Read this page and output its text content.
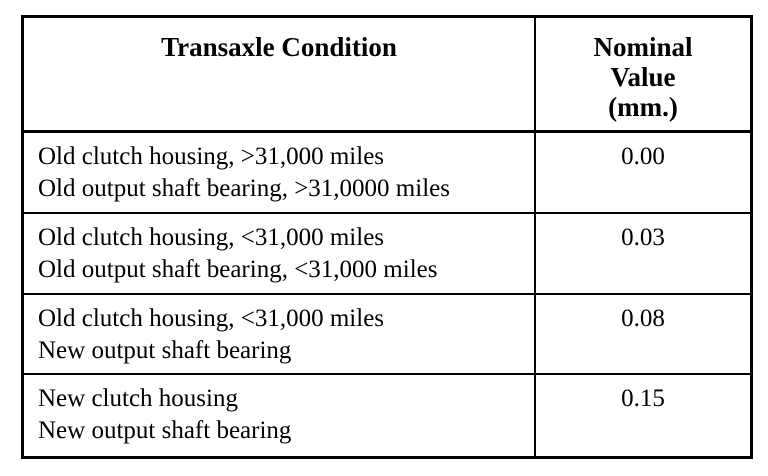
Transaxle Condition	Nominal
Value
(mm.)
Old clutch housing, >31,000 miles
Old output shaft bearing, >31,0000 miles
0.00
Old clutch housing, <31,000 miles
Old output shaft bearing, <31,000 miles
0.03
Old clutch housing, <31,000 miles
New output shaft bearing
0.08
New clutch housing
New output shaft bearing
0.15
